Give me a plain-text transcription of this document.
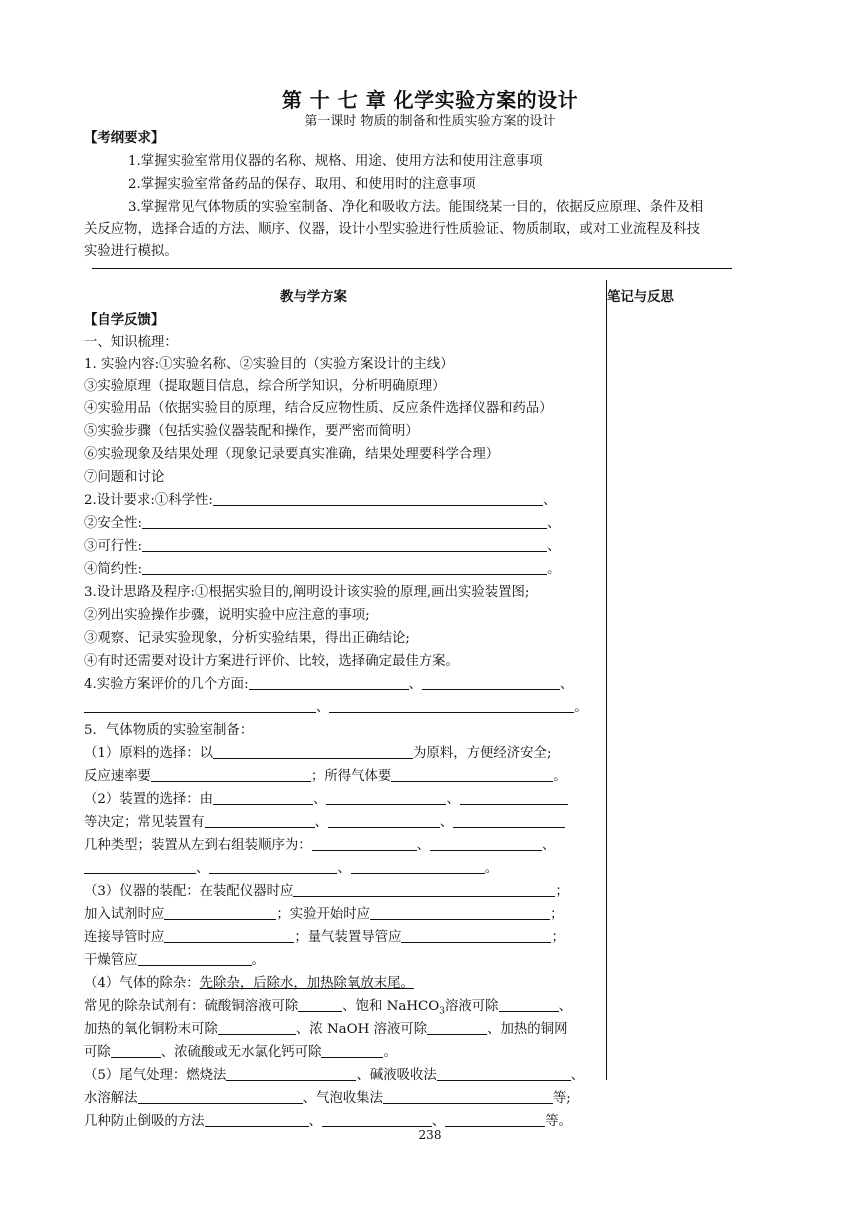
第 十 七 章 化学实验方案的设计
第一课时 物质的制备和性质实验方案的设计
【考纲要求】
1.掌握实验室常用仪器的名称、规格、用途、使用方法和使用注意事项
2.掌握实验室常备药品的保存、取用、和使用时的注意事项
3.掌握常见气体物质的实验室制备、净化和吸收方法。能围绕某一目的，依据反应原理、条件及相
关反应物，选择合适的方法、顺序、仪器，设计小型实验进行性质验证、物质制取，或对工业流程及科技
实验进行模拟。
教与学方案	笔记与反思
【自学反馈】
一、知识梳理：
1. 实验内容:①实验名称、②实验目的（实验方案设计的主线）
③实验原理（提取题目信息，综合所学知识，分析明确原理）
④实验用品（依据实验目的原理，结合反应物性质、反应条件选择仪器和药品）
⑤实验步骤（包括实验仪器装配和操作，要严密而简明）
⑥实验现象及结果处理（现象记录要真实准确，结果处理要科学合理）
⑦问题和讨论
2.设计要求:①科学性:	、
②安全性:	、
③可行性:	、
④简约性:	。
3.设计思路及程序:①根据实验目的,阐明设计该实验的原理,画出实验装置图;
②列出实验操作步骤，说明实验中应注意的事项;
③观察、记录实验现象，分析实验结果，得出正确结论;
④有时还需要对设计方案进行评价、比较，选择确定最佳方案。
4.实验方案评价的几个方面:	、	、
、	。
5．气体物质的实验室制备：
（1）原料的选择：以	为原料，方便经济安全;
反应速率要	；所得气体要	。
（2）装置的选择：由	、	、
等决定；常见装置有	、	、
几种类型；装置从左到右组装顺序为：	、	、
、	、	。
（3）仪器的装配：在装配仪器时应	；
加入试剂时应	；实验开始时应	；
连接导管时应	；量气装置导管应	；
干燥管应	。
（4）气体的除杂：先除杂，后除水，加热除氧放末尾。
常见的除杂试剂有：硫酸铜溶液可除	、饱和 NaHCO$_3$溶液可除	、
加热的氧化铜粉末可除	、浓 NaOH 溶液可除	、加热的铜网
可除	、浓硫酸或无水氯化钙可除	。
（5）尾气处理：燃烧法	、碱液吸收法	、
水溶解法	、气泡收集法	等;
几种防止倒吸的方法	、	、	等。
238
